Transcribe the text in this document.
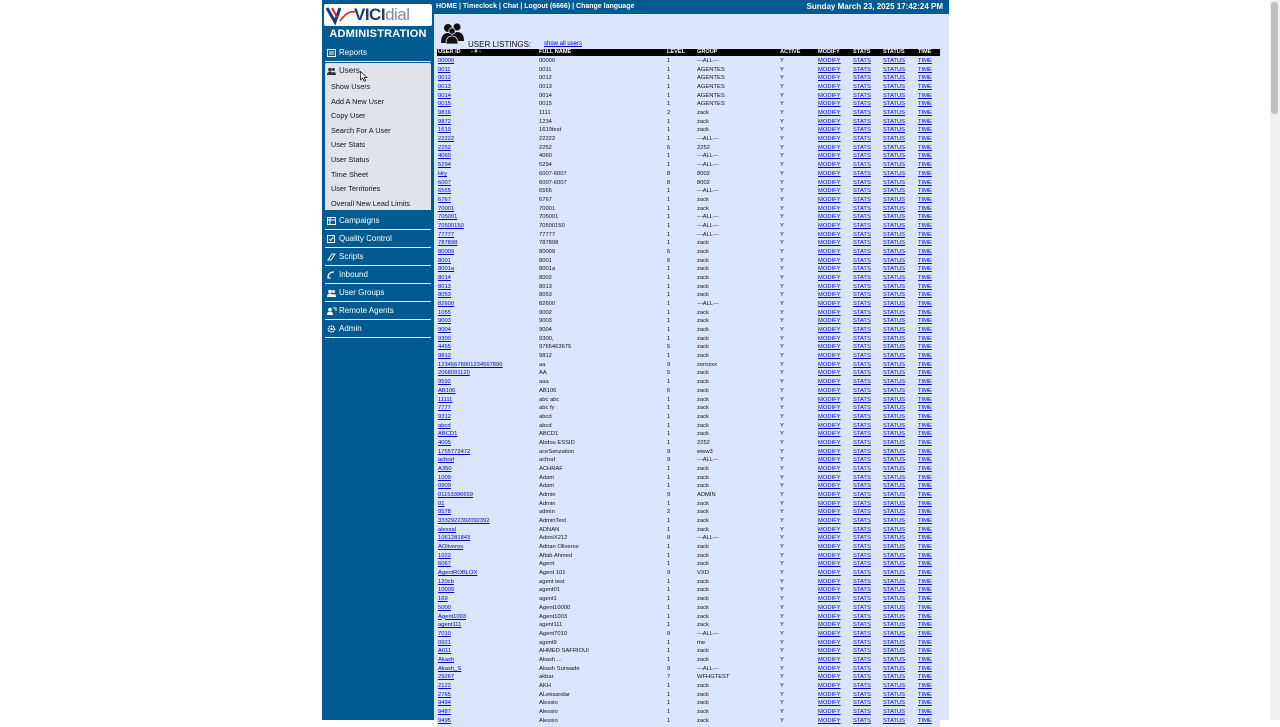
VICIdial
ADMINISTRATION
Reports
Users
Campaigns
Quality Control
Scripts
Inbound
User Groups
Remote Agents
Admin
Show Users
Add A New User
Copy User
Search For A User
User Stats
User Status
Time Sheet
User Territories
Overall New Lead Limits
HOME | Timeclock | Chat | Logout (6666) | Change language	Sunday March 23, 2025 17:42:24 PM
USER LISTINGS: show all users
USER ID - # -	FULL NAME	LEVEL GROUP	ACTIVE	MODIFY STATS STATUS TIME
00000	00000	1	---ALL---	Y	MODIFY STATS STATUS TIME
0011	0011	1	AGENTES	Y	MODIFY STATS STATUS TIME
0012	0012	1	AGENTES	Y	MODIFY STATS STATUS TIME
0013	0013	1	AGENTES	Y	MODIFY STATS STATUS TIME
0014	0014	1	AGENTES	Y	MODIFY STATS STATUS TIME
0015	0015	1	AGENTES	Y	MODIFY STATS STATUS TIME
9816	1111	2	zack	Y	MODIFY STATS STATUS TIME
9872	1234	1	zack	Y	MODIFY STATS STATUS TIME
1619	1619test	1	zack	Y	MODIFY STATS STATUS TIME
22222	22222	1	---ALL---	Y	MODIFY STATS STATUS TIME
2252	2252	6	2252	Y	MODIFY STATS STATUS TIME
4060	4060	1	---ALL---	Y	MODIFY STATS STATUS TIME
5294	5294	1	---ALL---	Y	MODIFY STATS STATUS TIME
Hry	6007-6007	8	8002	Y	MODIFY STATS STATUS TIME
6007	6007-6007	8	8002	Y	MODIFY STATS STATUS TIME
6565	6565	1	---ALL---	Y	MODIFY STATS STATUS TIME
6767	6767	1	zack	Y	MODIFY STATS STATUS TIME
70001	70001	1	zack	Y	MODIFY STATS STATUS TIME
705001	705001	1	---ALL---	Y	MODIFY STATS STATUS TIME
70500150	70500150	1	---ALL---	Y	MODIFY STATS STATUS TIME
77777	77777	1	---ALL---	Y	MODIFY STATS STATUS TIME
787898	787898	1	zack	Y	MODIFY STATS STATUS TIME
80009	80009	6	zack	Y	MODIFY STATS STATUS TIME
8001	8001	6	zack	Y	MODIFY STATS STATUS TIME
8001a	8001a	1	zack	Y	MODIFY STATS STATUS TIME
8014	8002	1	zack	Y	MODIFY STATS STATUS TIME
8013	8013	1	zack	Y	MODIFY STATS STATUS TIME
8053	8053	1	zack	Y	MODIFY STATS STATUS TIME
82600	82600	1	---ALL---	Y	MODIFY STATS STATUS TIME
1055	9002	1	zack	Y	MODIFY STATS STATUS TIME
9003	9003	1	zack	Y	MODIFY STATS STATUS TIME
9004	9004	1	zack	Y	MODIFY STATS STATUS TIME
9300	9300,	1	zack	Y	MODIFY STATS STATUS TIME
4455	9765463675	5	zack	Y	MODIFY STATS STATUS TIME
9812	9812	1	zack	Y	MODIFY STATS STATUS TIME
12345678901234567890	aa	9	zeroxxx	Y	MODIFY STATS STATUS TIME
2068091120	AA	5	zack	Y	MODIFY STATS STATUS TIME
9592	aaa	1	zack	Y	MODIFY STATS STATUS TIME
AB106	AB106	6	zack	Y	MODIFY STATS STATUS TIME
11111	abc abc	1	zack	Y	MODIFY STATS STATUS TIME
7777	abc fy	1	zack	Y	MODIFY STATS STATUS TIME
9312	abcd	1	zack	Y	MODIFY STATS STATUS TIME
abcd	abcd	1	zack	Y	MODIFY STATS STATUS TIME
ABCD1	ABCD1	1	zack	Y	MODIFY STATS STATUS TIME
4005	Abdou ESSID	1	2252	Y	MODIFY STATS STATUS TIME
1755772472	aceSenzation	9	www3	Y	MODIFY STATS STATUS TIME
achraf	achraf	9	---ALL---	Y	MODIFY STATS STATUS TIME
A350	ACHRAF	1	zack	Y	MODIFY STATS STATUS TIME
1009	Adam	1	zack	Y	MODIFY STATS STATUS TIME
0909	Adam	1	zack	Y	MODIFY STATS STATUS TIME
01153396659	Admin	9	ADMIN	Y	MODIFY STATS STATUS TIME
01	Admin	1	zack	Y	MODIFY STATS STATUS TIME
9578	admin	2	zack	Y	MODIFY STATS STATUS TIME
3332922392092392	AdminTest	1	zack	Y	MODIFY STATS STATUS TIME
alexxal	ADNAN	1	zack	Y	MODIFY STATS STATUS TIME
1061281843	AdoniX212	9	---ALL---	Y	MODIFY STATS STATUS TIME
AOliveros	Adrian Oliveros	1	zack	Y	MODIFY STATS STATUS TIME
1022	Aftab Ahmed	1	zack	Y	MODIFY STATS STATUS TIME
6067	Agent	1	zack	Y	MODIFY STATS STATUS TIME
AgentROBLOX	Agent 101	9	VXD	Y	MODIFY STATS STATUS TIME
120cb	agent test	1	zack	Y	MODIFY STATS STATUS TIME
10009	agent01	1	zack	Y	MODIFY STATS STATUS TIME
169	agent1	1	zack	Y	MODIFY STATS STATUS TIME
5000	Agent10000	1	zack	Y	MODIFY STATS STATUS TIME
Agent1003	Agent1003	1	zack	Y	MODIFY STATS STATUS TIME
agent111	agent111	1	zack	Y	MODIFY STATS STATUS TIME
7010	Agent7010	9	---ALL---	Y	MODIFY STATS STATUS TIME
0921	agent9	1	me	Y	MODIFY STATS STATUS TIME
A011	AHMED SAFRIOUI	1	zack	Y	MODIFY STATS STATUS TIME
Akash	Akash ...	1	zack	Y	MODIFY STATS STATUS TIME
Akash_S	Akash Surwade	9	---ALL---	Y	MODIFY STATS STATUS TIME
29267	akbar	7	WFHGTEST	Y	MODIFY STATS STATUS TIME
2122	AKH	1	zack	Y	MODIFY STATS STATUS TIME
2765	ALeksandar	1	zack	Y	MODIFY STATS STATUS TIME
9494	Alessio	1	zack	Y	MODIFY STATS STATUS TIME
9487	Alessio	1	zack	Y	MODIFY STATS STATUS TIME
9495	Alessio	1	zack	Y	MODIFY STATS STATUS TIME
